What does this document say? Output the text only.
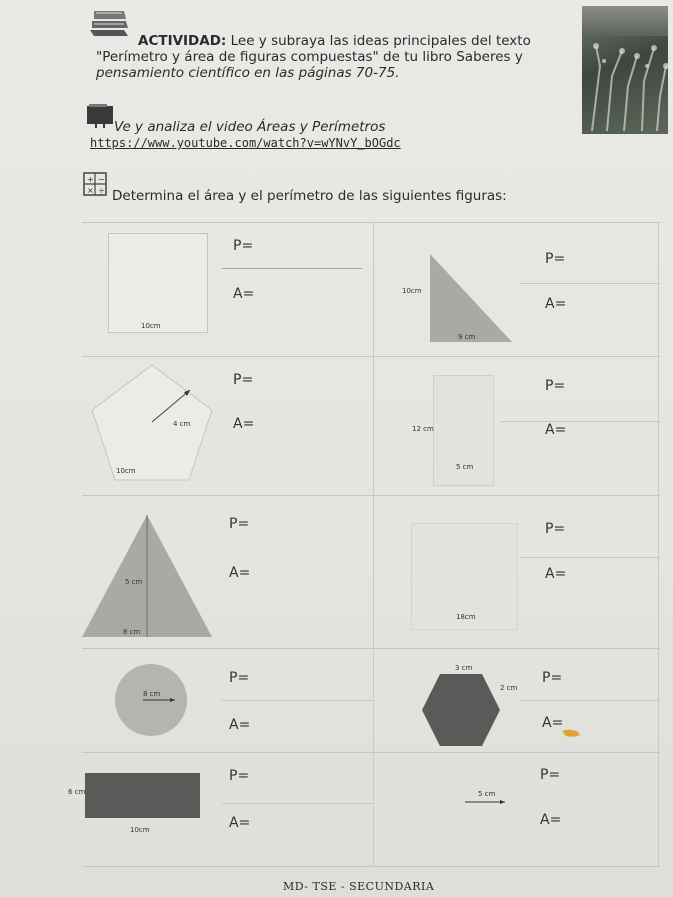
ACTIVIDAD: Lee y subraya las ideas principales del texto
"Perímetro y área de figuras compuestas" de tu libro Saberes y
pensamiento científico en las páginas 70-75.
Ve y analiza el video Áreas y Perímetros
https://www.youtube.com/watch?v=wYNvY_bOGdc
+ −
× ÷ Determina el área y el perímetro de las siguientes figuras:
10cm
P=
A=	10cm
9 cm
P=
A=
4 cm
10cm
P=
A=	12 cm
5 cm
P=
A=
5 cm
8 cm
P=
A=
18cm
P=
A=
8 cm
P=
A=
3 cm
2 cm
P=
A=
6 cm
10cm
P=
A=
5 cm
P=
A=
MD- TSE - SECUNDARIA
